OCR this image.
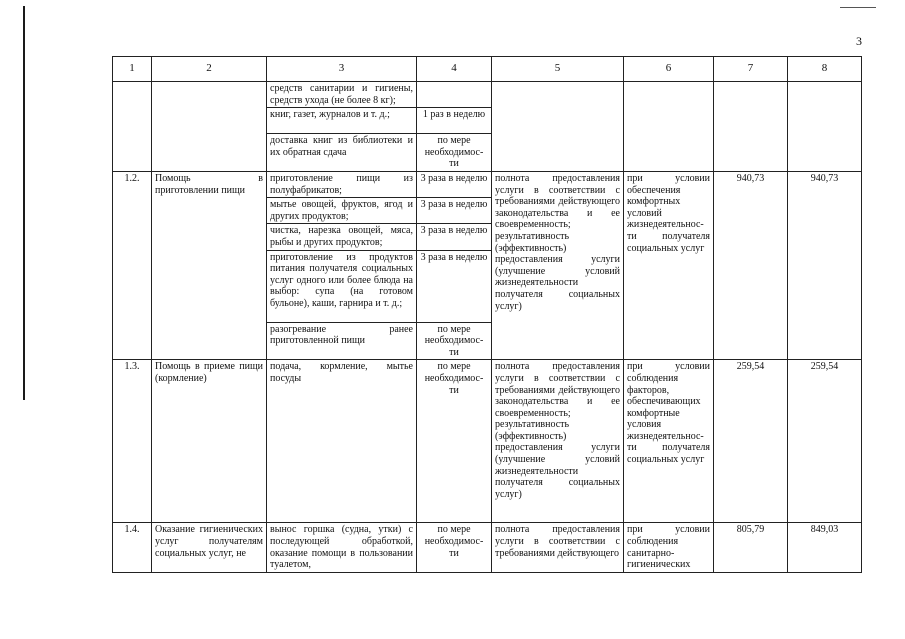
3
1	2	3	4	5	6	7	8
		средств санитарии и гигиены, средств ухода (не более 8 кг);					
		книг, газет, журналов и т. д.;	1 раз в неделю				
		доставка книг из библиотеки и их обратная сдача	по мере необходимос-ти				
1.2.	Помощь в приготовлении пищи	приготовление пищи из полуфабрикатов;	3 раза в неделю	полнота предоставления услуги в соответствии с требованиями действующего законодательства и ее своевременность; результативность (эффективность) предоставления услуги (улучшение условий жизнедеятельности получателя социальных услуг)	при условии обеспечения комфортных условий жизнедеятельнос-ти получателя социальных услуг	940,73	940,73
		мытье овощей, фруктов, ягод и других продуктов;	3 раза в неделю				
		чистка, нарезка овощей, мяса, рыбы и других продуктов;	3 раза в неделю				
		приготовление из продуктов питания получателя социальных услуг одного или более блюда на выбор: супа (на готовом бульоне), каши, гарнира и т. д.;	3 раза в неделю				
		разогревание ранее приготовленной пищи	по мере необходимос-ти				
1.3.	Помощь в приеме пищи (кормление)	подача, кормление, мытье посуды	по мере необходимос-ти	полнота предоставления услуги в соответствии с требованиями действующего законодательства и ее своевременность; результативность (эффективность) предоставления услуги (улучшение условий жизнедеятельности получателя социальных услуг)	при условии соблюдения факторов, обеспечивающих комфортные условия жизнедеятельнос-ти получателя социальных услуг	259,54	259,54
1.4.	Оказание гигиенических услуг получателям социальных услуг, не	вынос горшка (судна, утки) с последующей обработкой, оказание помощи в пользовании туалетом,	по мере необходимос-ти	полнота предоставления услуги в соответствии с требованиями действующего	при условии соблюдения санитарно-гигиенических	805,79	849,03
